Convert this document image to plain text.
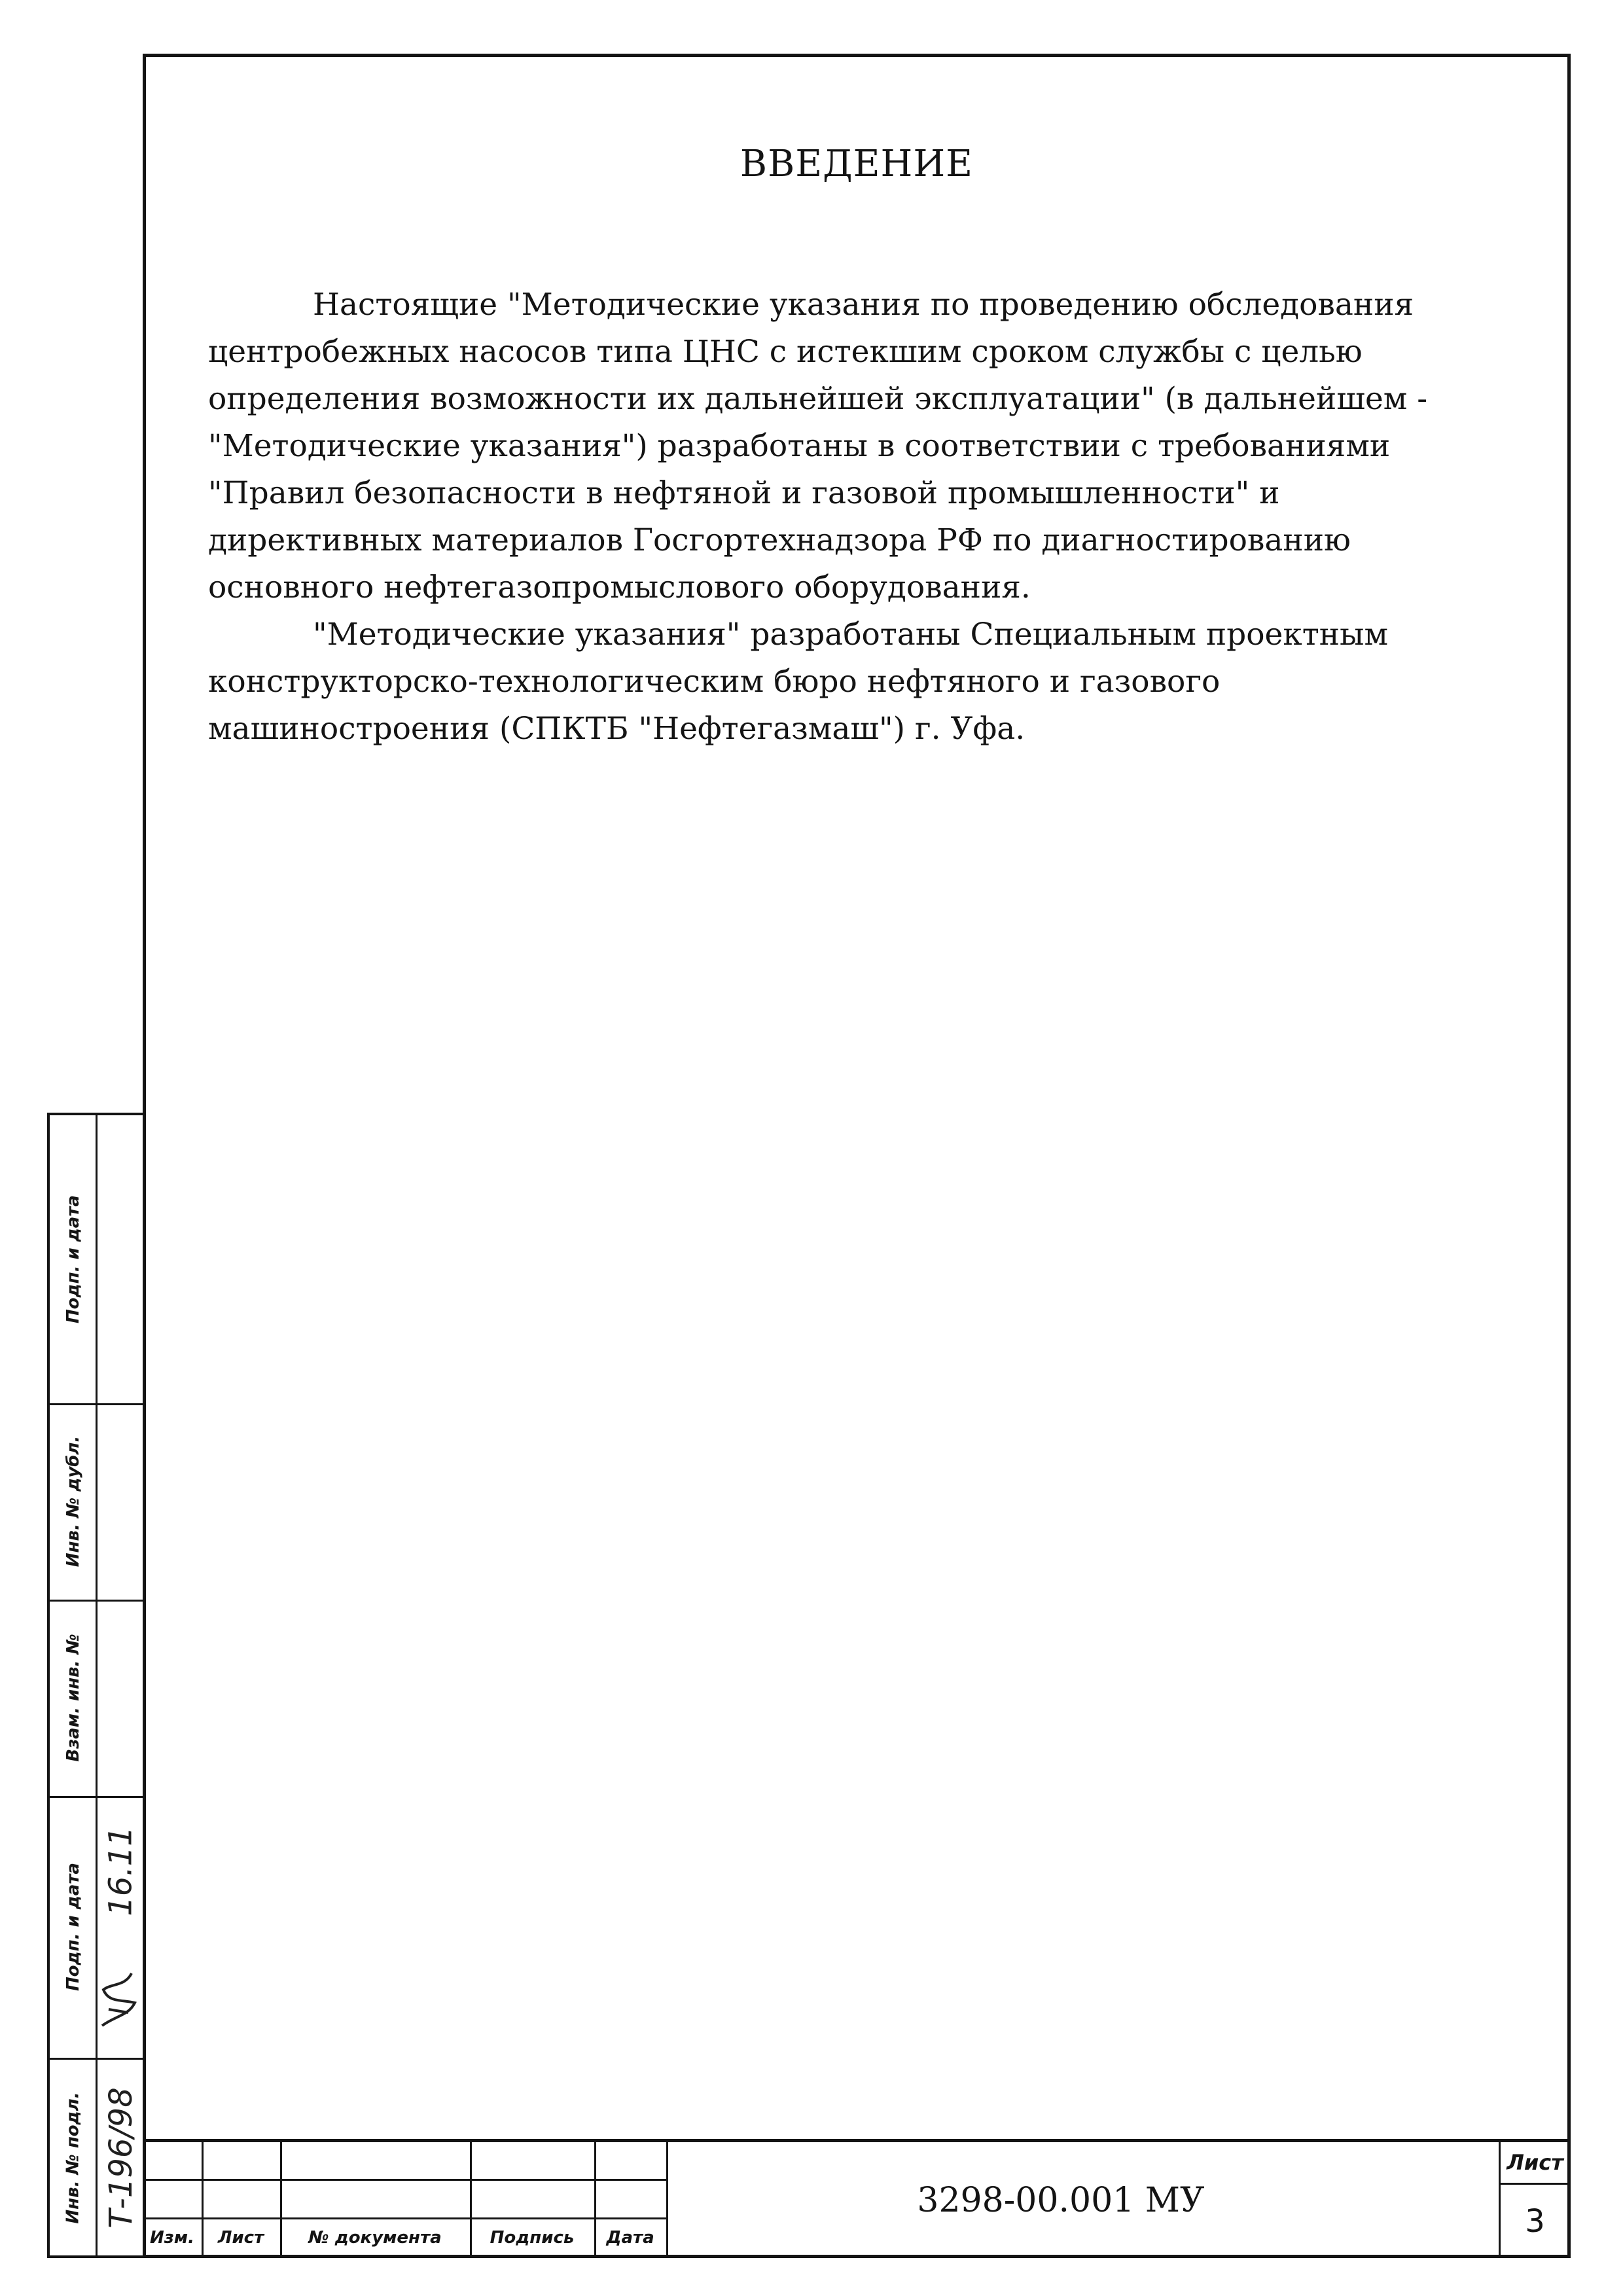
ВВЕДЕНИЕ

Настоящие "Методические указания по проведению обследования центробежных насосов типа ЦНС с истекшим сроком службы с целью определения возможности их дальнейшей эксплуатации" (в дальнейшем - "Методические указания") разработаны в соответствии с требованиями "Правил безопасности в нефтяной и газовой промышленности" и директивных материалов Госгортехнадзора РФ по диагностированию основного нефтегазопромыслового оборудования.

"Методические указания" разработаны Специальным проектным конструкторско-технологическим бюро нефтяного и газового машиностроения (СПКТБ "Нефтегазмаш") г. Уфа.

Изм.	Лист	№ документа	Подпись	Дата
3298-00.001 МУ
Лист
3
Инв. № подл.
Подп. и дата
Взам. инв. №
Инв. № дубл.
Подп. и дата
Т-196/98
16.11
